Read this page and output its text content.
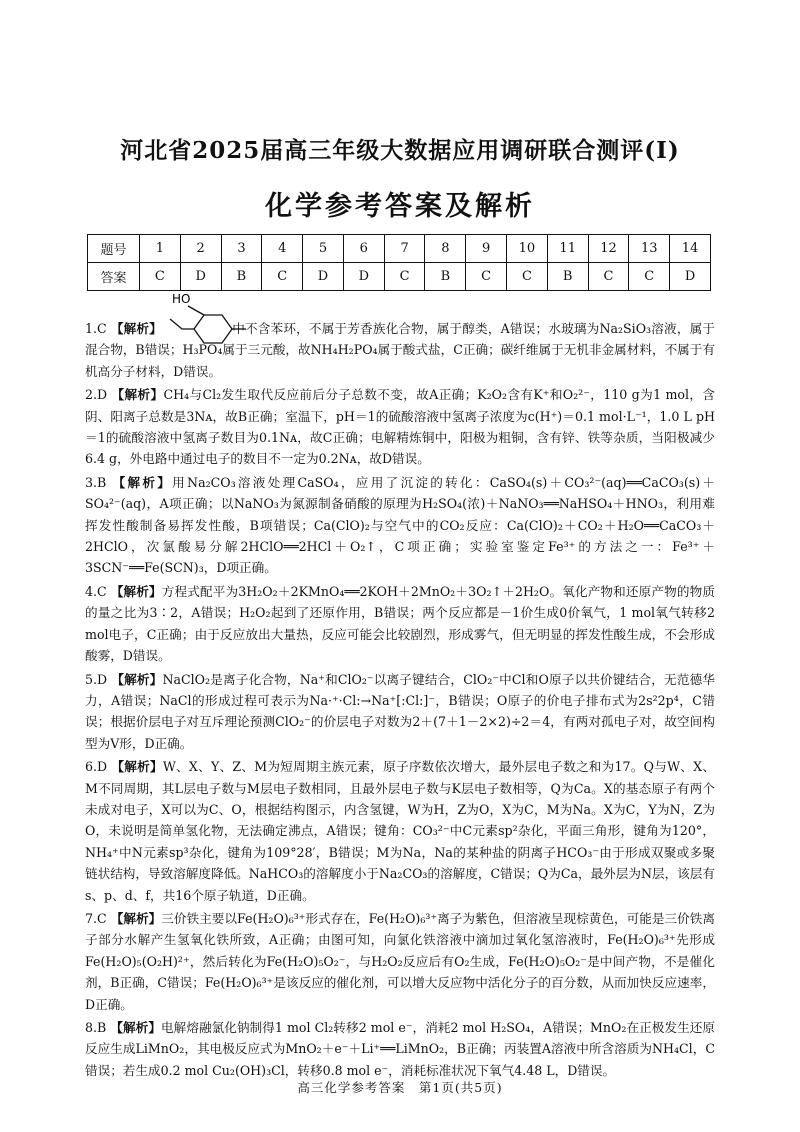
河北省2025届高三年级大数据应用调研联合测评(Ⅰ)
化学参考答案及解析
题号	1	2	3	4	5	6	7	8	9	10	11	12	13	14
答案	C	D	B	C	D	D	C	B	C	C	B	C	C	D
HO

1.C 【解析】	中不含苯环，不属于芳香族化合物，属于醇类，A错误；水玻璃为Na₂SiO₃溶液，属于混合物，B错误；H₃PO₄属于三元酸，故NH₄H₂PO₄属于酸式盐，C正确；碳纤维属于无机非金属材料，不属于有机高分子材料，D错误。

2.D 【解析】CH₄与Cl₂发生取代反应前后分子总数不变，故A正确；K₂O₂含有K⁺和O₂²⁻，110 g为1 mol，含阴、阳离子总数是3Nᴀ，故B正确；室温下，pH＝1的硫酸溶液中氢离子浓度为c(H⁺)＝0.1 mol·L⁻¹，1.0 L pH＝1的硫酸溶液中氢离子数目为0.1Nᴀ，故C正确；电解精炼铜中，阳极为粗铜，含有锌、铁等杂质，当阳极减少6.4 g，外电路中通过电子的数目不一定为0.2Nᴀ，故D错误。

3.B 【解析】用Na₂CO₃溶液处理CaSO₄，应用了沉淀的转化：CaSO₄(s)＋CO₃²⁻(aq)══CaCO₃(s)＋SO₄²⁻(aq)，A项正确；以NaNO₃为氮源制备硝酸的原理为H₂SO₄(浓)＋NaNO₃══NaHSO₄＋HNO₃，利用难挥发性酸制备易挥发性酸，B项错误；Ca(ClO)₂与空气中的CO₂反应：Ca(ClO)₂＋CO₂＋H₂O══CaCO₃＋2HClO，次氯酸易分解2HClO══2HCl＋O₂↑，C项正确；实验室鉴定Fe³⁺的方法之一：Fe³⁺＋3SCN⁻══Fe(SCN)₃，D项正确。

4.C 【解析】方程式配平为3H₂O₂＋2KMnO₄══2KOH＋2MnO₂＋3O₂↑＋2H₂O。氧化产物和还原产物的物质的量之比为3∶2，A错误；H₂O₂起到了还原作用，B错误；两个反应都是－1价生成0价氧气，1 mol氧气转移2 mol电子，C正确；由于反应放出大量热，反应可能会比较剧烈，形成雾气，但无明显的挥发性酸生成，不会形成酸雾，D错误。

5.D 【解析】NaClO₂是离子化合物，Na⁺和ClO₂⁻以离子键结合，ClO₂⁻中Cl和O原子以共价键结合，无范德华力，A错误；NaCl的形成过程可表示为Na·⁺·Cl:→Na⁺[:Cl:]⁻，B错误；O原子的价电子排布式为2s²2p⁴，C错误；根据价层电子对互斥理论预测ClO₂⁻的价层电子对数为2＋(7＋1－2×2)÷2＝4，有两对孤电子对，故空间构型为V形，D正确。

6.D 【解析】W、X、Y、Z、M为短周期主族元素，原子序数依次增大，最外层电子数之和为17。Q与W、X、M不同周期，其L层电子数与M层电子数相同，且最外层电子数与K层电子数相等，Q为Ca。X的基态原子有两个未成对电子，X可以为C、O，根据结构图示，内含氢键，W为H，Z为O，X为C，M为Na。X为C，Y为N，Z为O，未说明是简单氢化物，无法确定沸点，A错误；键角：CO₃²⁻中C元素sp²杂化，平面三角形，键角为120°，NH₄⁺中N元素sp³杂化，键角为109°28′，B错误；M为Na，Na的某种盐的阴离子HCO₃⁻由于形成双聚或多聚链状结构，导致溶解度降低。NaHCO₃的溶解度小于Na₂CO₃的溶解度，C错误；Q为Ca，最外层为N层，该层有s、p、d、f，共16个原子轨道，D正确。

7.C 【解析】三价铁主要以Fe(H₂O)₆³⁺形式存在，Fe(H₂O)₆³⁺离子为紫色，但溶液呈现棕黄色，可能是三价铁离子部分水解产生氢氧化铁所致，A正确；由图可知，向氯化铁溶液中滴加过氧化氢溶液时，Fe(H₂O)₆³⁺先形成Fe(H₂O)₅(O₂H)²⁺，然后转化为Fe(H₂O)₅O₂⁻，与H₂O₂反应后有O₂生成，Fe(H₂O)₅O₂⁻是中间产物，不是催化剂，B正确，C错误；Fe(H₂O)₆³⁺是该反应的催化剂，可以增大反应物中活化分子的百分数，从而加快反应速率，D正确。

8.B 【解析】电解熔融氯化钠制得1 mol Cl₂转移2 mol e⁻，消耗2 mol H₂SO₄，A错误；MnO₂在正极发生还原反应生成LiMnO₂，其电极反应式为MnO₂＋e⁻＋Li⁺══LiMnO₂，B正确；丙装置A溶液中所含溶质为NH₄Cl，C错误；若生成0.2 mol Cu₂(OH)₃Cl，转移0.8 mol e⁻，消耗标准状况下氧气4.48 L，D错误。

高三化学参考答案　第1页(共5页)
